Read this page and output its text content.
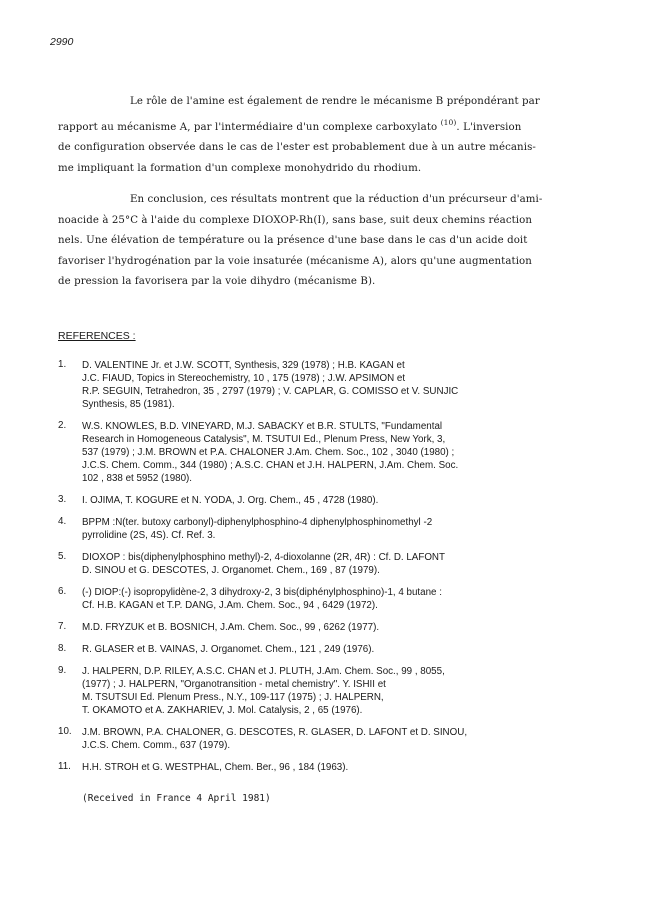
2990
Le rôle de l'amine est également de rendre le mécanisme B prépondérant par
rapport au mécanisme A, par l'intermédiaire d'un complexe carboxylato $^{(10)}$. L'inversion
de configuration observée dans le cas de l'ester est probablement due à un autre mécanis-
me impliquant la formation d'un complexe monohydrido du rhodium.
En conclusion, ces résultats montrent que la réduction d'un précurseur d'ami-
noacide à 25°C à l'aide du complexe DIOXOP-Rh(I), sans base, suit deux chemins réaction
nels. Une élévation de température ou la présence d'une base dans le cas d'un acide doit
favoriser l'hydrogénation par la voie insaturée (mécanisme A), alors qu'une augmentation
de pression la favorisera par la voie dihydro (mécanisme B).
REFERENCES :
1. D. VALENTINE Jr. et J.W. SCOTT, Synthesis, 329 (1978) ; H.B. KAGAN et
J.C. FIAUD, Topics in Stereochemistry, 10 , 175 (1978) ; J.W. APSIMON et
R.P. SEGUIN, Tetrahedron, 35 , 2797 (1979) ; V. CAPLAR, G. COMISSO et V. SUNJIC
Synthesis, 85 (1981).
2. W.S. KNOWLES, B.D. VINEYARD, M.J. SABACKY et B.R. STULTS, "Fundamental
Research in Homogeneous Catalysis", M. TSUTUI Ed., Plenum Press, New York, 3,
537 (1979) ; J.M. BROWN et P.A. CHALONER J.Am. Chem. Soc., 102 , 3040 (1980) ;
J.C.S. Chem. Comm., 344 (1980) ; A.S.C. CHAN et J.H. HALPERN, J.Am. Chem. Soc.
102 , 838 et 5952 (1980).
3. I. OJIMA, T. KOGURE et N. YODA, J. Org. Chem., 45 , 4728 (1980).
4. BPPM :N(ter. butoxy carbonyl)-diphenylphosphino-4 diphenylphosphinomethyl -2
pyrrolidine (2S, 4S). Cf. Ref. 3.
5. DIOXOP : bis(diphenylphosphino methyl)-2, 4-dioxolanne (2R, 4R) : Cf. D. LAFONT
D. SINOU et G. DESCOTES, J. Organomet. Chem., 169 , 87 (1979).
6. (-) DIOP:(-) isopropylidène-2, 3 dihydroxy-2, 3 bis(diphénylphosphino)-1, 4 butane :
Cf. H.B. KAGAN et T.P. DANG, J.Am. Chem. Soc., 94 , 6429 (1972).
7. M.D. FRYZUK et B. BOSNICH, J.Am. Chem. Soc., 99 , 6262 (1977).
8. R. GLASER et B. VAINAS, J. Organomet. Chem., 121 , 249 (1976).
9. J. HALPERN, D.P. RILEY, A.S.C. CHAN et J. PLUTH, J.Am. Chem. Soc., 99 , 8055,
(1977) ; J. HALPERN, "Organotransition - metal chemistry". Y. ISHII et
M. TSUTSUI Ed. Plenum Press., N.Y., 109-117 (1975) ; J. HALPERN,
T. OKAMOTO et A. ZAKHARIEV, J. Mol. Catalysis, 2 , 65 (1976).
10. J.M. BROWN, P.A. CHALONER, G. DESCOTES, R. GLASER, D. LAFONT et D. SINOU,
J.C.S. Chem. Comm., 637 (1979).
11. H.H. STROH et G. WESTPHAL, Chem. Ber., 96 , 184 (1963).
(Received in France 4 April 1981)
